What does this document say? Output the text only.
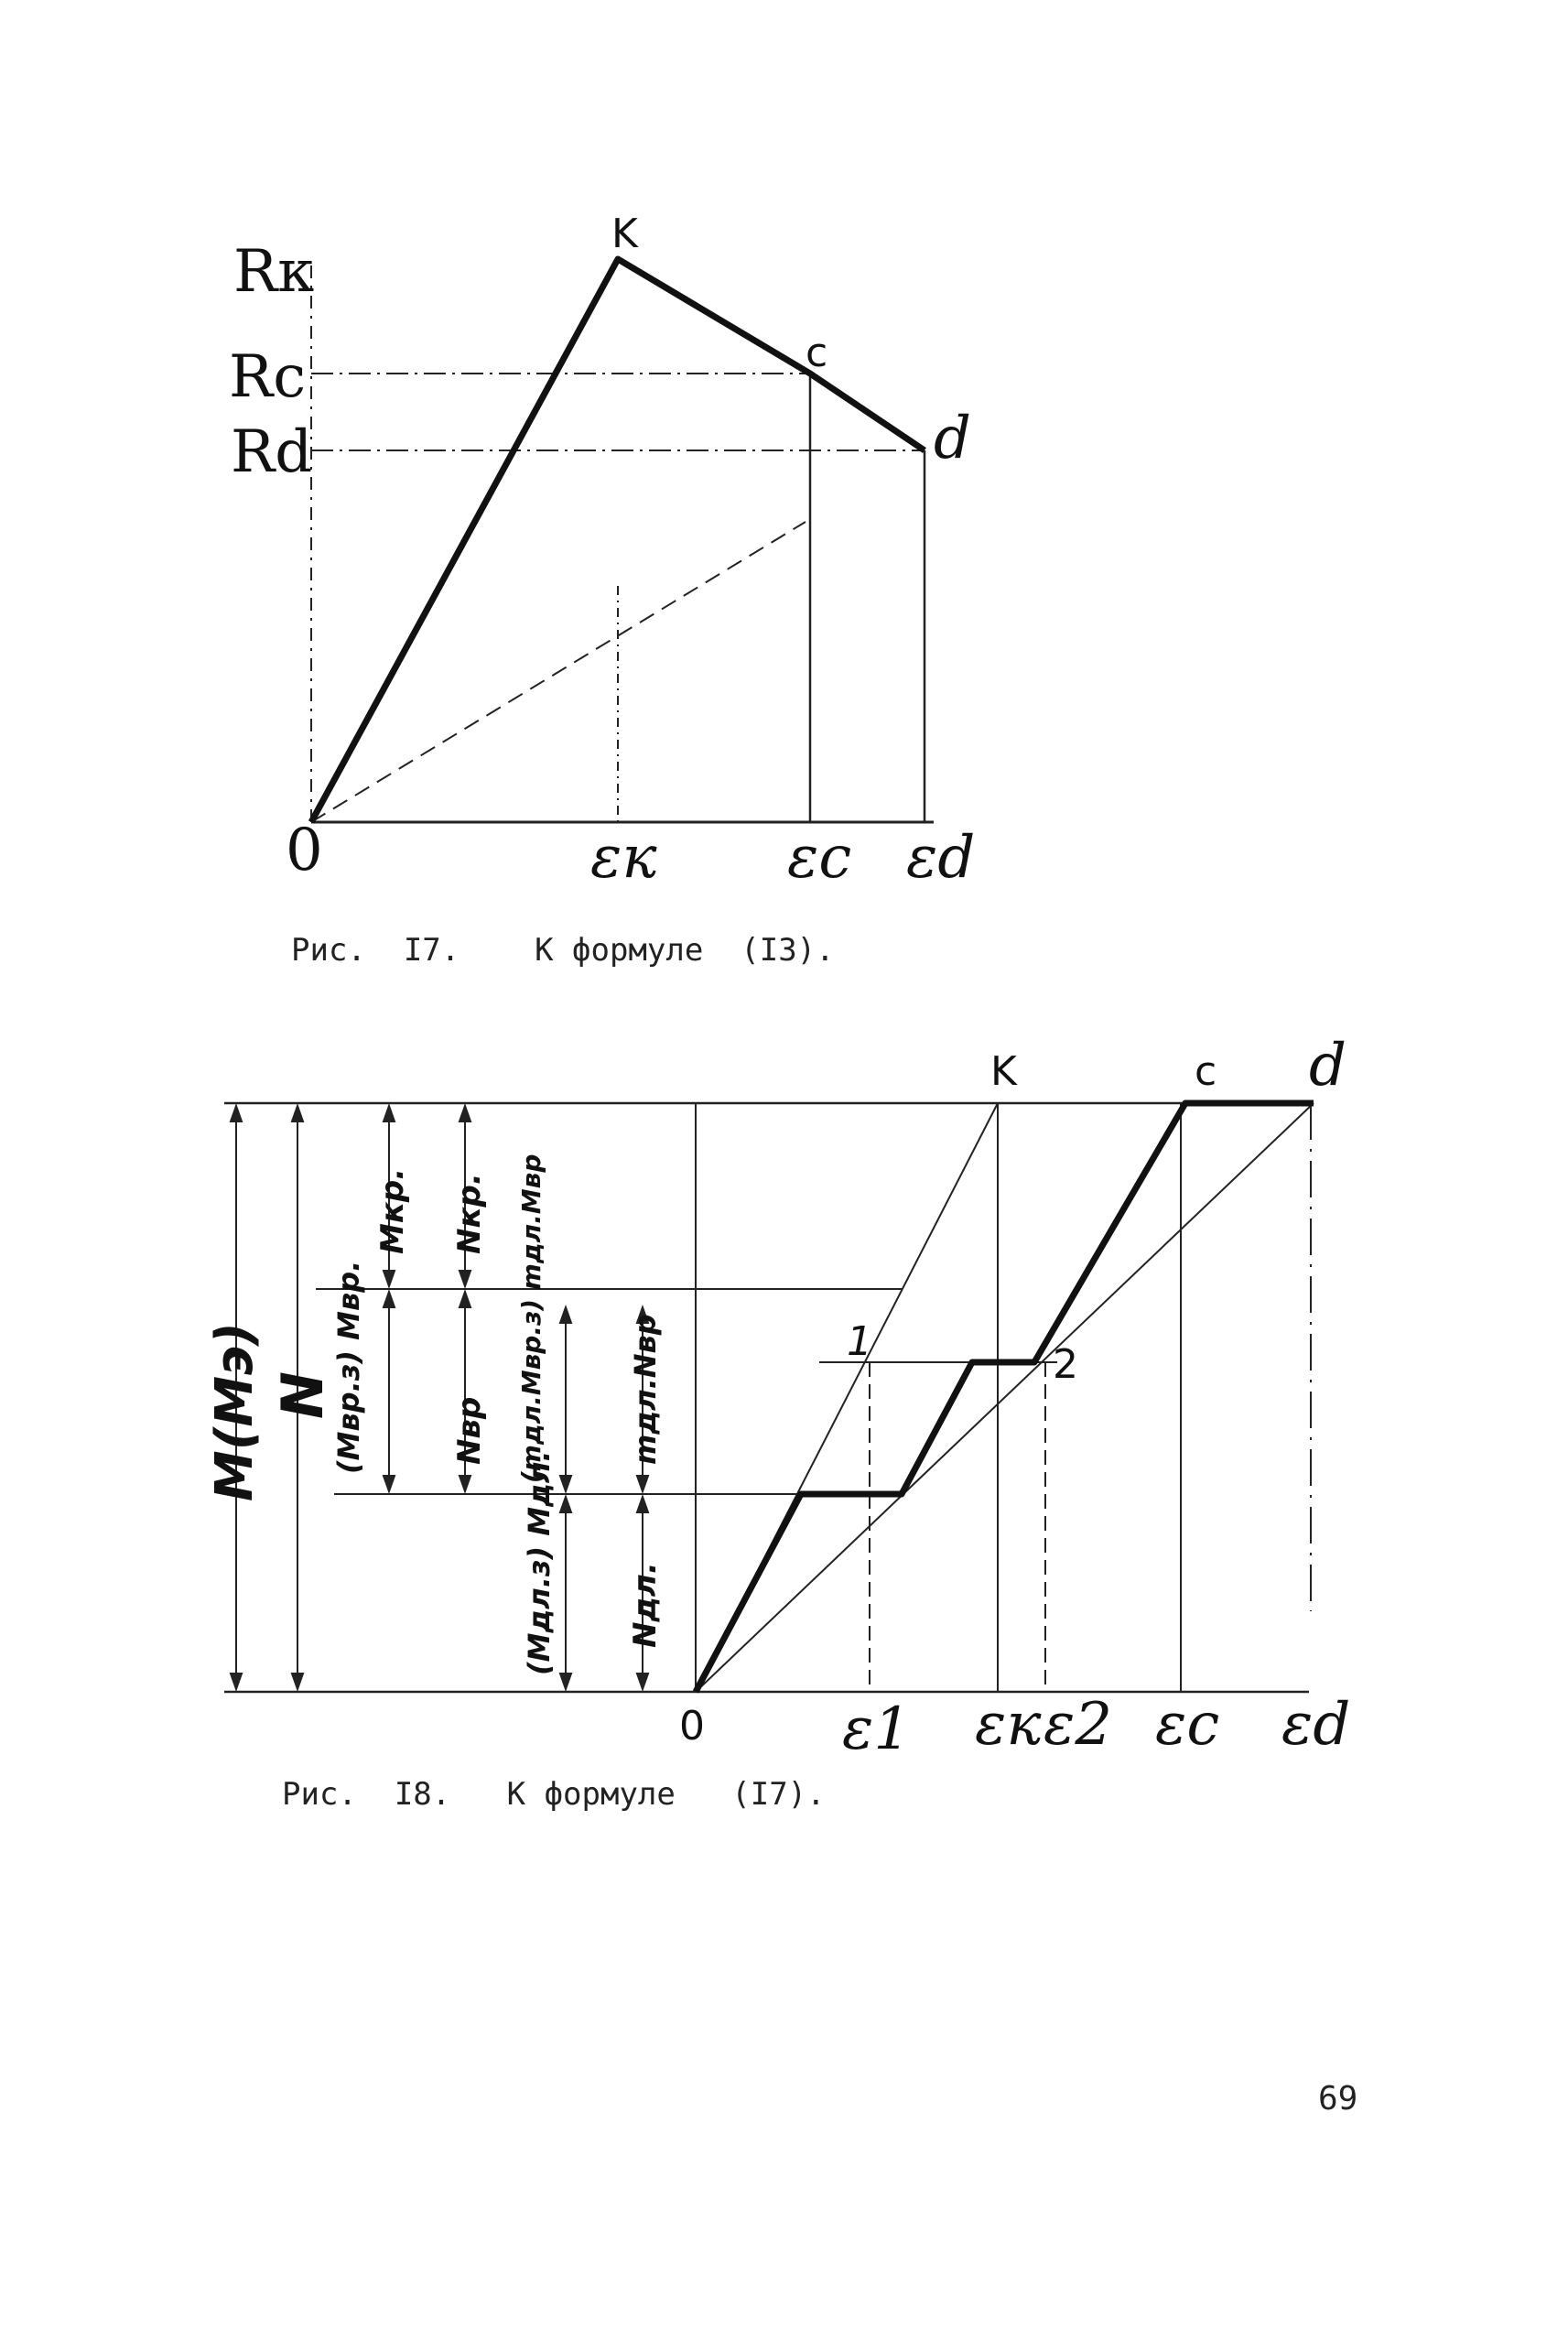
Rк
Rc
Rd
0	εк εc εd
K
c
d
M(Mэ) N
Mкр. Nкр.
(Mвр.з) Mвр.	Nвр (mдл.Mвр.з) mдл.Mвр	mдл.Nвр
(Mдл.з) Mдл. Nдл.
K	c d
1	2
0 ε1 εк ε2 εc εd
Рис.  I7.    К формуле  (I3).
Рис.  I8.   К формуле   (I7).
69
